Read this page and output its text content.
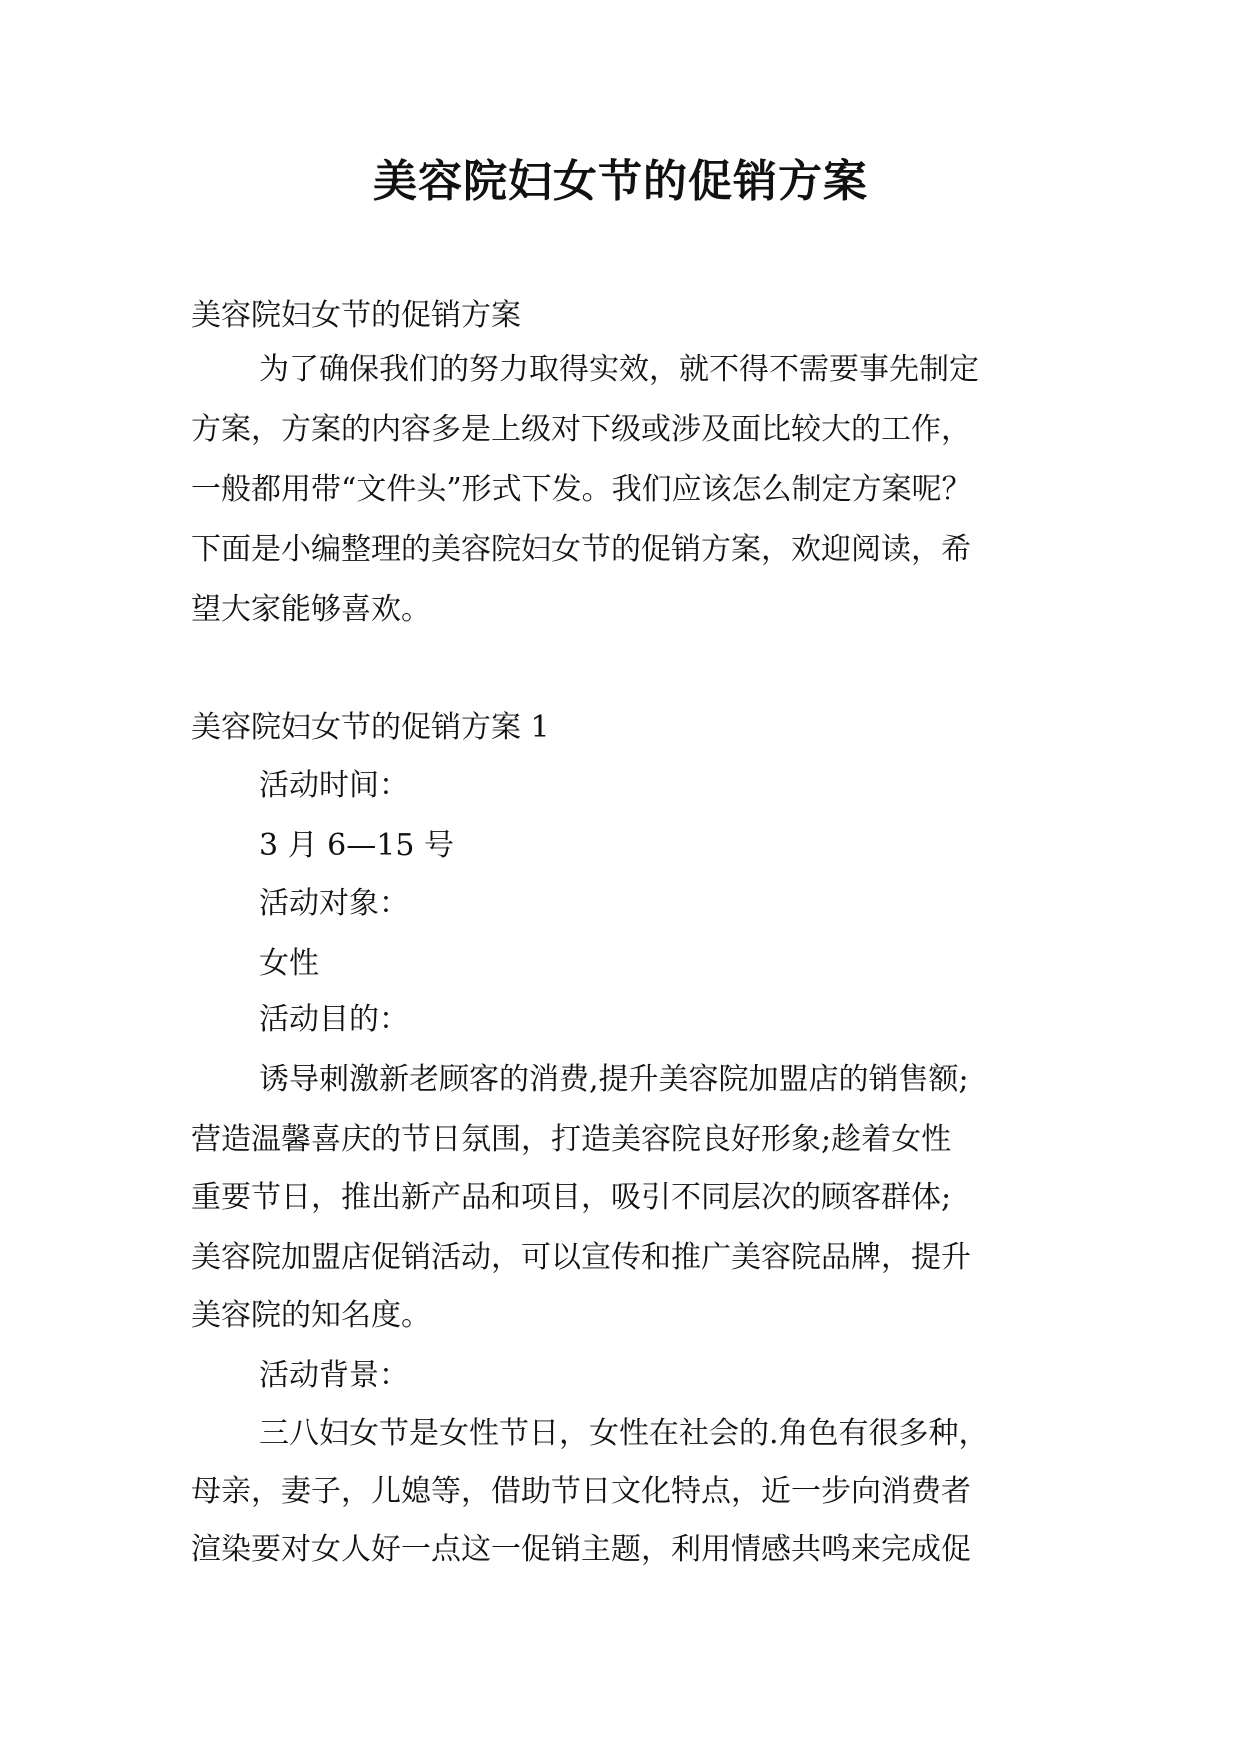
美容院妇女节的促销方案
美容院妇女节的促销方案
为了确保我们的努力取得实效，就不得不需要事先制定
方案，方案的内容多是上级对下级或涉及面比较大的工作，
一般都用带“文件头”形式下发。我们应该怎么制定方案呢？
下面是小编整理的美容院妇女节的促销方案，欢迎阅读，希
望大家能够喜欢。
美容院妇女节的促销方案 1
活动时间：
3 月 6—15 号
活动对象：
女性
活动目的：
诱导刺激新老顾客的消费,提升美容院加盟店的销售额;
营造温馨喜庆的节日氛围，打造美容院良好形象;趁着女性
重要节日，推出新产品和项目，吸引不同层次的顾客群体;
美容院加盟店促销活动，可以宣传和推广美容院品牌，提升
美容院的知名度。
活动背景：
三八妇女节是女性节日，女性在社会的.角色有很多种，
母亲，妻子，儿媳等，借助节日文化特点，近一步向消费者
渲染要对女人好一点这一促销主题，利用情感共鸣来完成促
